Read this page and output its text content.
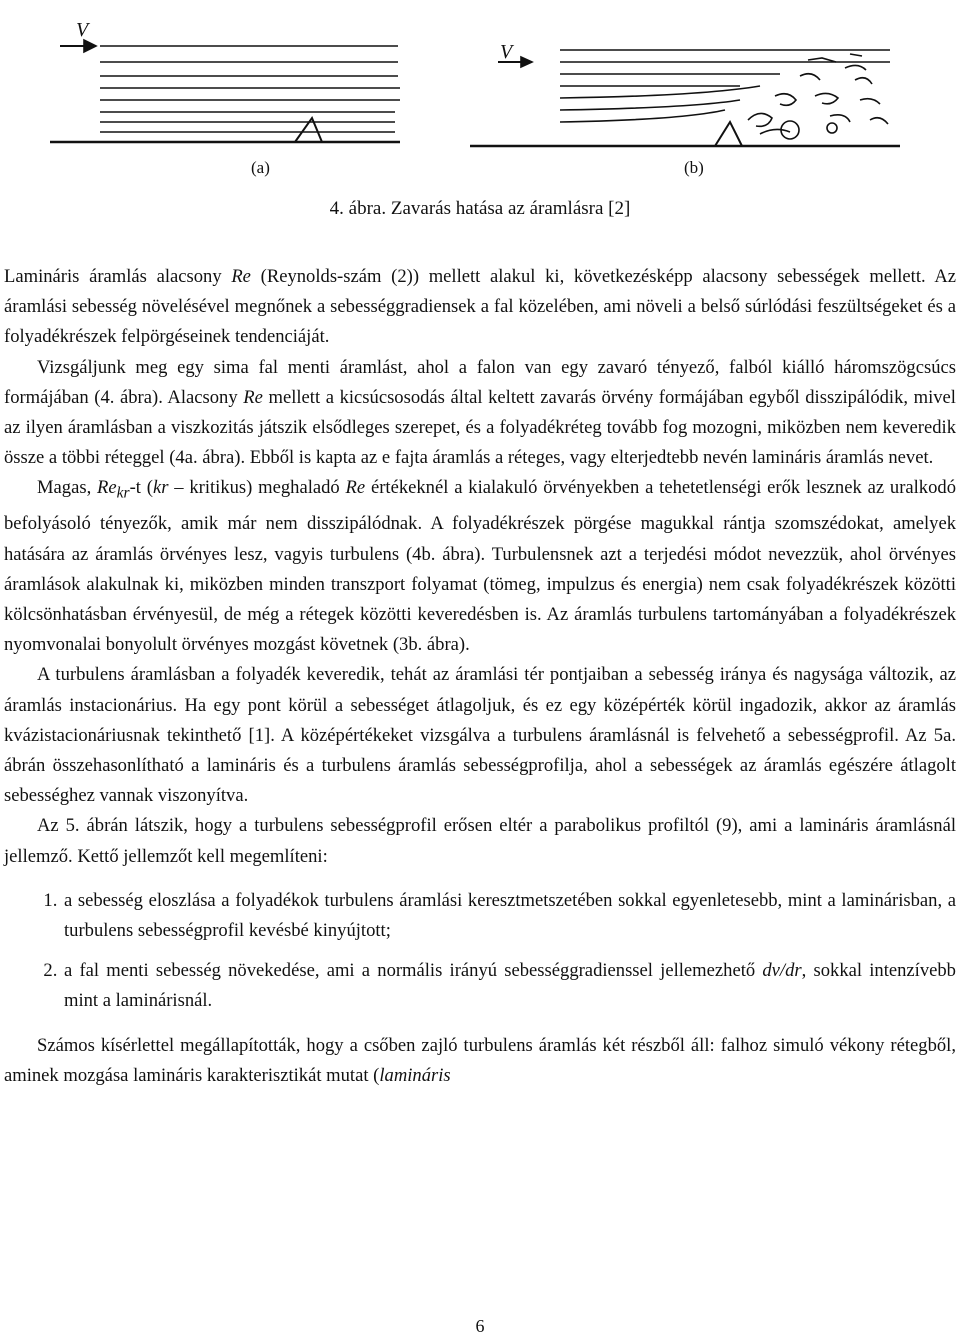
V
V
(a)	(b)
4. ábra. Zavarás hatása az áramlásra [2]

Lamináris áramlás alacsony Re (Reynolds-szám (2)) mellett alakul ki, következésképp alacsony sebességek mellett. Az áramlási sebesség növelésével megnőnek a sebességgradiensek a fal közelében, ami növeli a belső súrlódási feszültségeket és a folyadékrészek felpörgéseinek tendenciáját.

Vizsgáljunk meg egy sima fal menti áramlást, ahol a falon van egy zavaró tényező, falból kiálló háromszögcsúcs formájában (4. ábra). Alacsony Re mellett a kicsúcsosodás által keltett zavarás örvény formájában egyből disszipálódik, mivel az ilyen áramlásban a viszkozitás játszik elsődleges szerepet, és a folyadékréteg tovább fog mozogni, miközben nem keveredik össze a többi réteggel (4a. ábra). Ebből is kapta az e fajta áramlás a réteges, vagy elterjedtebb nevén lamináris áramlás nevet.

Magas, $Re_{kr}-t$ (kr – kritikus) meghaladó Re értékeknél a kialakuló örvényekben a tehetetlenségi erők lesznek az uralkodó befolyásoló tényezők, amik már nem disszipálódnak. A folyadékrészek pörgése magukkal rántja szomszédokat, amelyek hatására az áramlás örvényes lesz, vagyis turbulens (4b. ábra). Turbulensnek azt a terjedési módot nevezzük, ahol örvényes áramlások alakulnak ki, miközben minden transzport folyamat (tömeg, impulzus és energia) nem csak folyadékrészek közötti kölcsönhatásban érvényesül, de még a rétegek közötti keveredésben is. Az áramlás turbulens tartományában a folyadékrészek nyomvonalai bonyolult örvényes mozgást követnek (3b. ábra).

A turbulens áramlásban a folyadék keveredik, tehát az áramlási tér pontjaiban a sebesség iránya és nagysága változik, az áramlás instacionárius. Ha egy pont körül a sebességet átlagoljuk, és ez egy középérték körül ingadozik, akkor az áramlás kvázistacionáriusnak tekinthető [1]. A középértékeket vizsgálva a turbulens áramlásnál is felvehető a sebességprofil. Az 5a. ábrán összehasonlítható a lamináris és a turbulens áramlás sebességprofilja, ahol a sebességek az áramlás egészére átlagolt sebességhez vannak viszonyítva.

Az 5. ábrán látszik, hogy a turbulens sebességprofil erősen eltér a parabolikus profiltól (9), ami a lamináris áramlásnál jellemző. Kettő jellemzőt kell megemlíteni:

1. a sebesség eloszlása a folyadékok turbulens áramlási keresztmetszetében sokkal egyenletesebb, mint a laminárisban, a turbulens sebességprofil kevésbé kinyújtott;
2. a fal menti sebesség növekedése, ami a normális irányú sebességgradienssel jellemezhető dv/dr, sokkal intenzívebb mint a laminárisnál.

Számos kísérlettel megállapították, hogy a csőben zajló turbulens áramlás két részből áll: falhoz simuló vékony rétegből, aminek mozgása lamináris karakterisztikát mutat (lamináris

6
